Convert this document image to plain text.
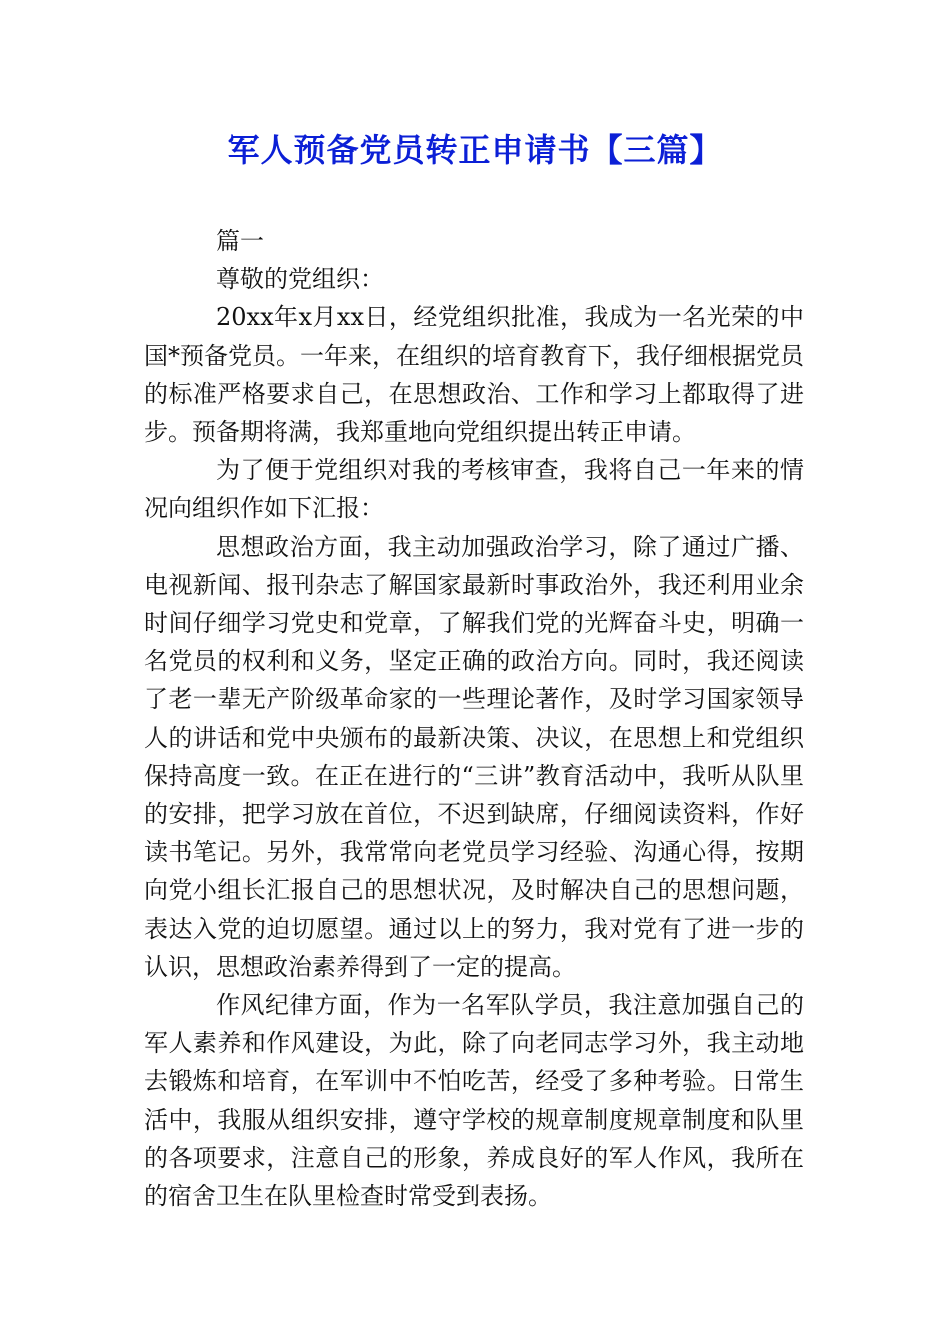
军人预备党员转正申请书【三篇】

篇一

尊敬的党组织：

20xx年x月xx日，经党组织批准，我成为一名光荣的中国*预备党员。一年来，在组织的培育教育下，我仔细根据党员的标准严格要求自己，在思想政治、工作和学习上都取得了进步。预备期将满，我郑重地向党组织提出转正申请。

为了便于党组织对我的考核审查，我将自己一年来的情况向组织作如下汇报：

思想政治方面，我主动加强政治学习，除了通过广播、电视新闻、报刊杂志了解国家最新时事政治外，我还利用业余时间仔细学习党史和党章，了解我们党的光辉奋斗史，明确一名党员的权利和义务，坚定正确的政治方向。同时，我还阅读了老一辈无产阶级革命家的一些理论著作，及时学习国家领导人的讲话和党中央颁布的最新决策、决议，在思想上和党组织保持高度一致。在正在进行的“三讲”教育活动中，我听从队里的安排，把学习放在首位，不迟到缺席，仔细阅读资料，作好读书笔记。另外，我常常向老党员学习经验、沟通心得，按期向党小组长汇报自己的思想状况，及时解决自己的思想问题，表达入党的迫切愿望。通过以上的努力，我对党有了进一步的认识，思想政治素养得到了一定的提高。

作风纪律方面，作为一名军队学员，我注意加强自己的军人素养和作风建设，为此，除了向老同志学习外，我主动地去锻炼和培育，在军训中不怕吃苦，经受了多种考验。日常生活中，我服从组织安排，遵守学校的规章制度规章制度和队里的各项要求，注意自己的形象，养成良好的军人作风，我所在的宿舍卫生在队里检查时常受到表扬。
